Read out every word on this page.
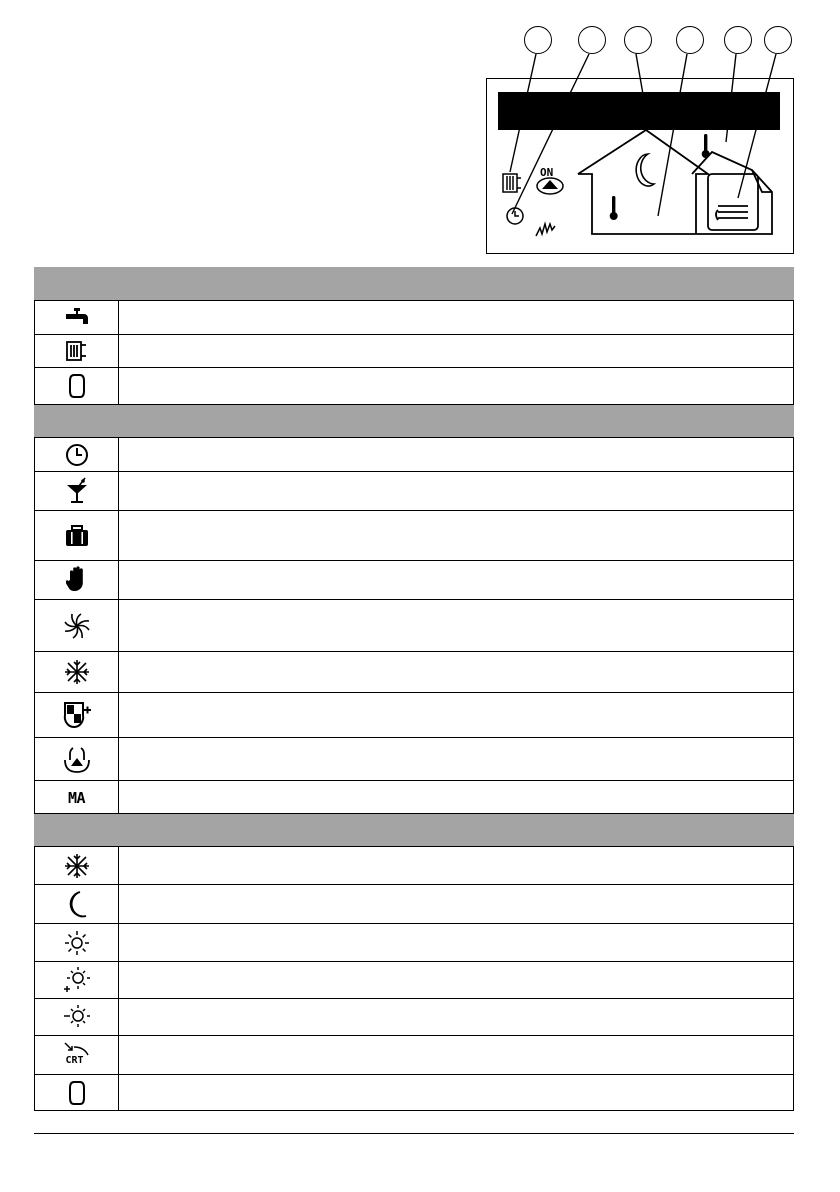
ON

MA	

CRT	
